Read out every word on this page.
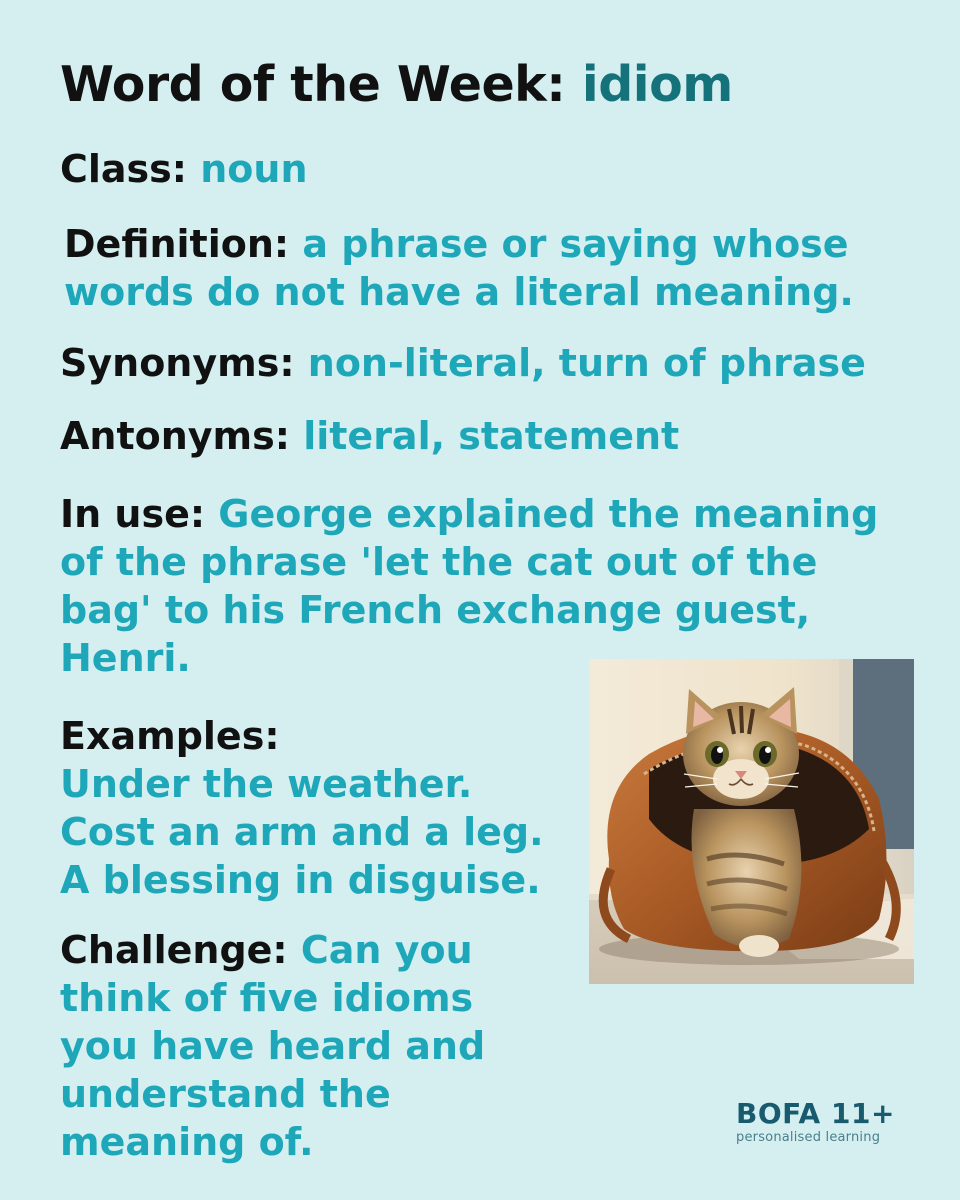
Word of the Week: idiom

Class: noun

Definition: a phrase or saying whose words do not have a literal meaning.

Synonyms: non-literal, turn of phrase

Antonyms: literal, statement

In use: George explained the meaning of the phrase 'let the cat out of the bag' to his French exchange guest, Henri.

Examples:
Under the weather.
Cost an arm and a leg.
A blessing in disguise.

Challenge: Can you think of five idioms you have heard and understand the meaning of.

BOFA 11+
personalised learning
